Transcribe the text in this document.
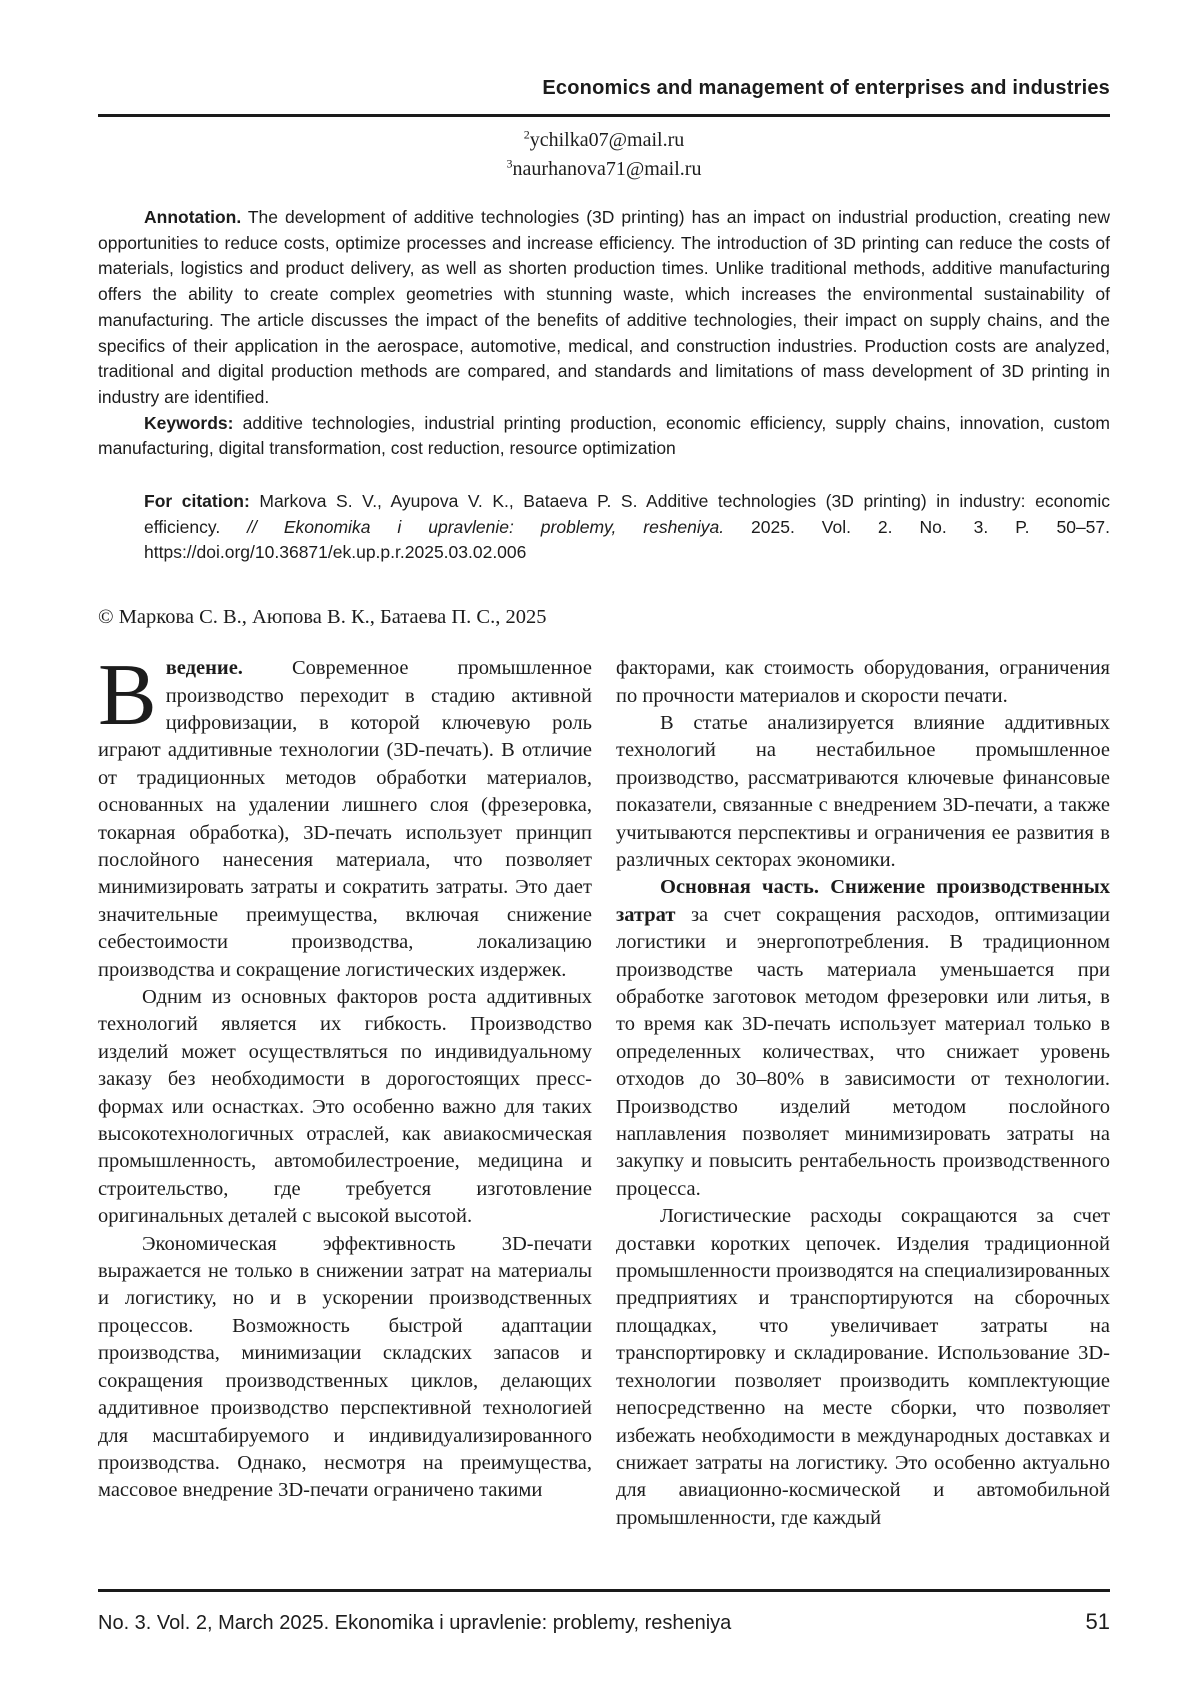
Economics and management of enterprises and industries
$^2$ychilka07@mail.ru
$^3$naurhanova71@mail.ru

Annotation. The development of additive technologies (3D printing) has an impact on industrial production, creating new opportunities to reduce costs, optimize processes and increase efficiency. The introduction of 3D printing can reduce the costs of materials, logistics and product delivery, as well as shorten production times. Unlike traditional methods, additive manufacturing offers the ability to create complex geometries with stunning waste, which increases the environmental sustainability of manufacturing. The article discusses the impact of the benefits of additive technologies, their impact on supply chains, and the specifics of their application in the aerospace, automotive, medical, and construction industries. Production costs are analyzed, traditional and digital production methods are compared, and standards and limitations of mass development of 3D printing in industry are identified.

Keywords: additive technologies, industrial printing production, economic efficiency, supply chains, innovation, custom manufacturing, digital transformation, cost reduction, resource optimization

For citation: Markova S. V., Ayupova V. K., Bataeva P. S. Additive technologies (3D printing) in industry: economic efficiency. // Ekonomika i upravlenie: problemy, resheniya. 2025. Vol. 2. No. 3. P. 50–57. https://doi.org/10.36871/ek.up.p.r.2025.03.02.006

© Маркова С. В., Аюпова В. К., Батаева П. С., 2025

Введение. Современное промышленное производство переходит в стадию активной цифровизации, в которой ключевую роль играют аддитивные технологии (3D-печать). В отличие от традиционных методов обработки материалов, основанных на удалении лишнего слоя (фрезеровка, токарная обработка), 3D-печать использует принцип послойного нанесения материала, что позволяет минимизировать затраты и сократить затраты. Это дает значительные преимущества, включая снижение себестоимости производства, локализацию производства и сокращение логистических издержек.

Одним из основных факторов роста аддитивных технологий является их гибкость. Производство изделий может осуществляться по индивидуальному заказу без необходимости в дорогостоящих пресс-формах или оснастках. Это особенно важно для таких высокотехнологичных отраслей, как авиакосмическая промышленность, автомобилестроение, медицина и строительство, где требуется изготовление оригинальных деталей с высокой высотой.

Экономическая эффективность 3D-печати выражается не только в снижении затрат на материалы и логистику, но и в ускорении производственных процессов. Возможность быстрой адаптации производства, минимизации складских запасов и сокращения производственных циклов, делающих аддитивное производство перспективной технологией для масштабируемого и индивидуализированного производства. Однако, несмотря на преимущества, массовое внедрение 3D-печати ограничено такими

факторами, как стоимость оборудования, ограничения по прочности материалов и скорости печати.

В статье анализируется влияние аддитивных технологий на нестабильное промышленное производство, рассматриваются ключевые финансовые показатели, связанные с внедрением 3D-печати, а также учитываются перспективы и ограничения ее развития в различных секторах экономики.

Основная часть. Снижение производственных затрат за счет сокращения расходов, оптимизации логистики и энергопотребления. В традиционном производстве часть материала уменьшается при обработке заготовок методом фрезеровки или литья, в то время как 3D-печать использует материал только в определенных количествах, что снижает уровень отходов до 30–80% в зависимости от технологии. Производство изделий методом послойного наплавления позволяет минимизировать затраты на закупку и повысить рентабельность производственного процесса.

Логистические расходы сокращаются за счет доставки коротких цепочек. Изделия традиционной промышленности производятся на специализированных предприятиях и транспортируются на сборочных площадках, что увеличивает затраты на транспортировку и складирование. Использование 3D-технологии позволяет производить комплектующие непосредственно на месте сборки, что позволяет избежать необходимости в международных доставках и снижает затраты на логистику. Это особенно актуально для авиационно-космической и автомобильной промышленности, где каждый

No. 3. Vol. 2, March 2025. Ekonomika i upravlenie: problemy, resheniya	51
